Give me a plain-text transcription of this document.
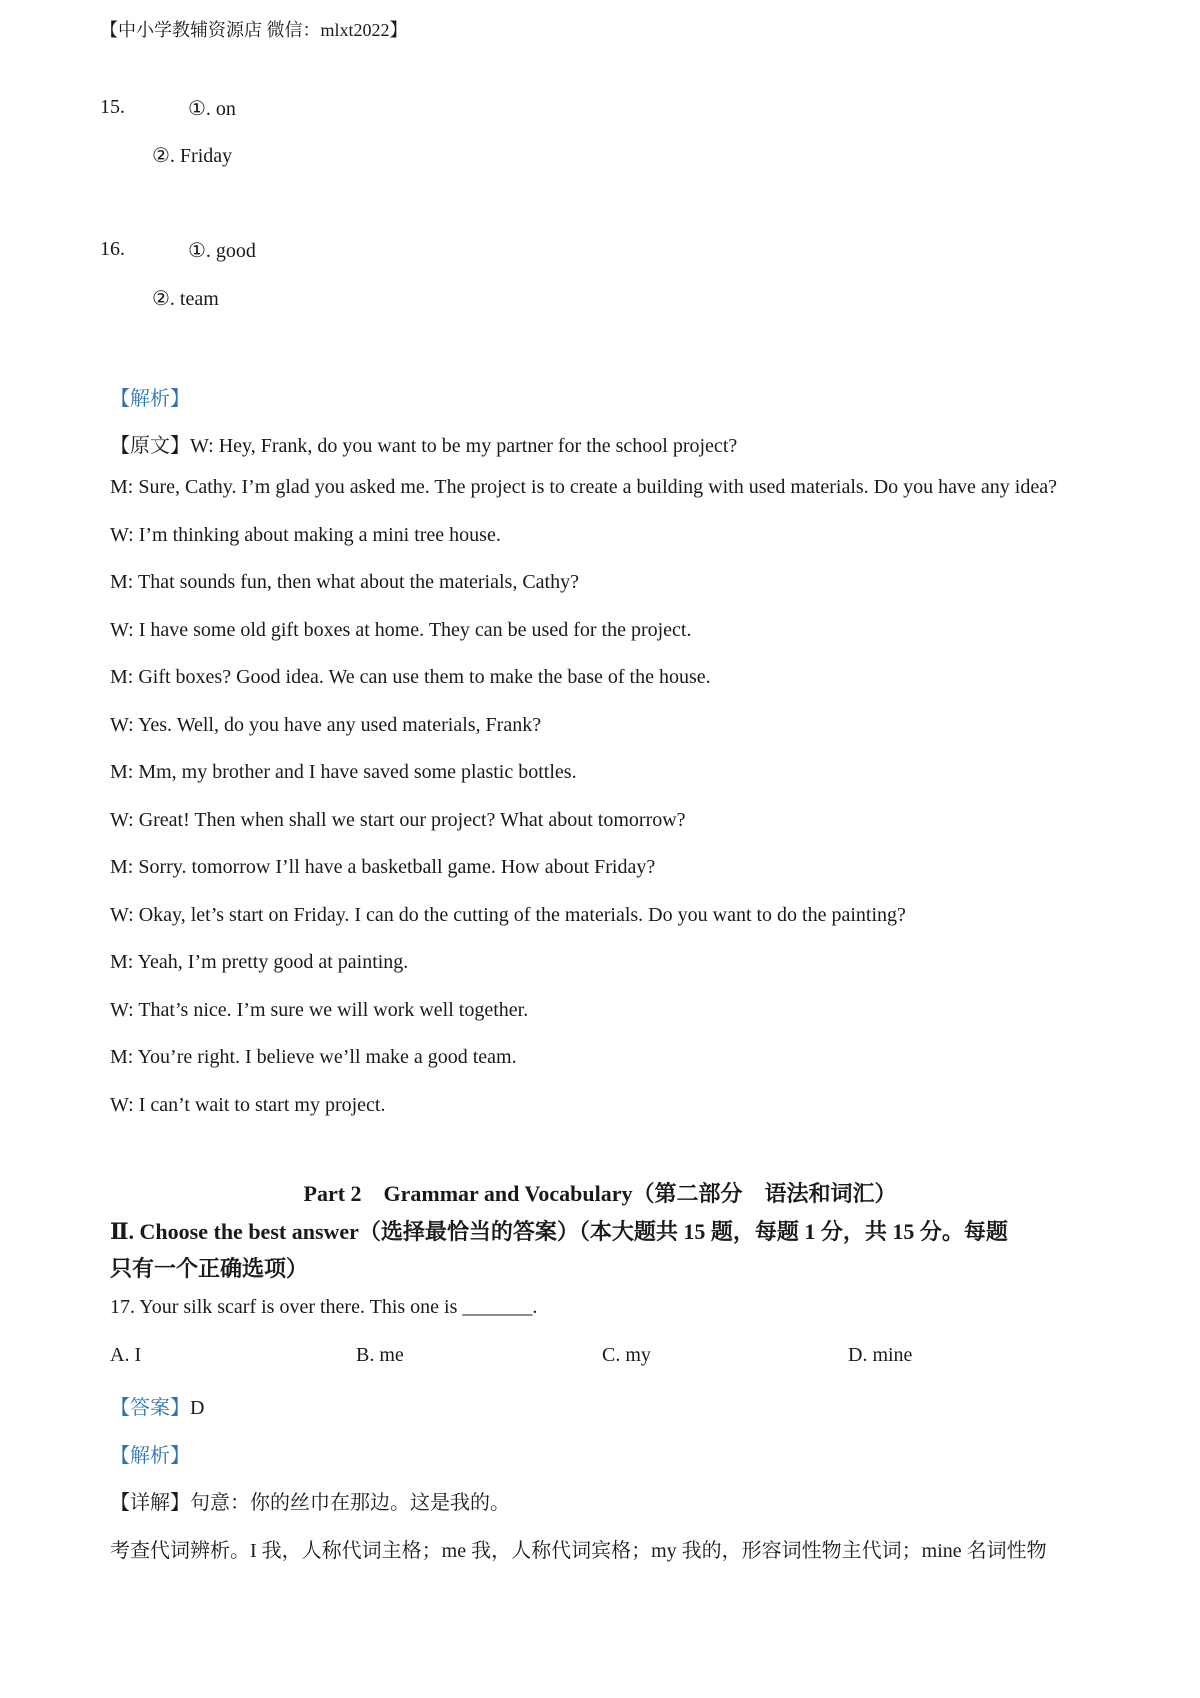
【中小学教辅资源店 微信：mlxt2022】
15.	①. on
②. Friday
16.	①. good
②. team
【解析】
【原文】W: Hey, Frank, do you want to be my partner for the school project?
M: Sure, Cathy. I’m glad you asked me. The project is to create a building with used materials. Do you have any idea?
W: I’m thinking about making a mini tree house.
M: That sounds fun, then what about the materials, Cathy?
W: I have some old gift boxes at home. They can be used for the project.
M: Gift boxes? Good idea. We can use them to make the base of the house.
W: Yes. Well, do you have any used materials, Frank?
M: Mm, my brother and I have saved some plastic bottles.
W: Great! Then when shall we start our project? What about tomorrow?
M: Sorry. tomorrow I’ll have a basketball game. How about Friday?
W: Okay, let’s start on Friday. I can do the cutting of the materials. Do you want to do the painting?
M: Yeah, I’m pretty good at painting.
W: That’s nice. I’m sure we will work well together.
M: You’re right. I believe we’ll make a good team.
W: I can’t wait to start my project.
Part 2　Grammar and Vocabulary（第二部分　语法和词汇）
Ⅱ. Choose the best answer（选择最恰当的答案）（本大题共 15 题，每题 1 分，共 15 分。每题
只有一个正确选项）
17. Your silk scarf is over there. This one is _______.
A. I	B. me	C. my	D. mine
【答案】D
【解析】
【详解】句意：你的丝巾在那边。这是我的。
考查代词辨析。I 我，人称代词主格；me 我，人称代词宾格；my 我的，形容词性物主代词；mine 名词性物
